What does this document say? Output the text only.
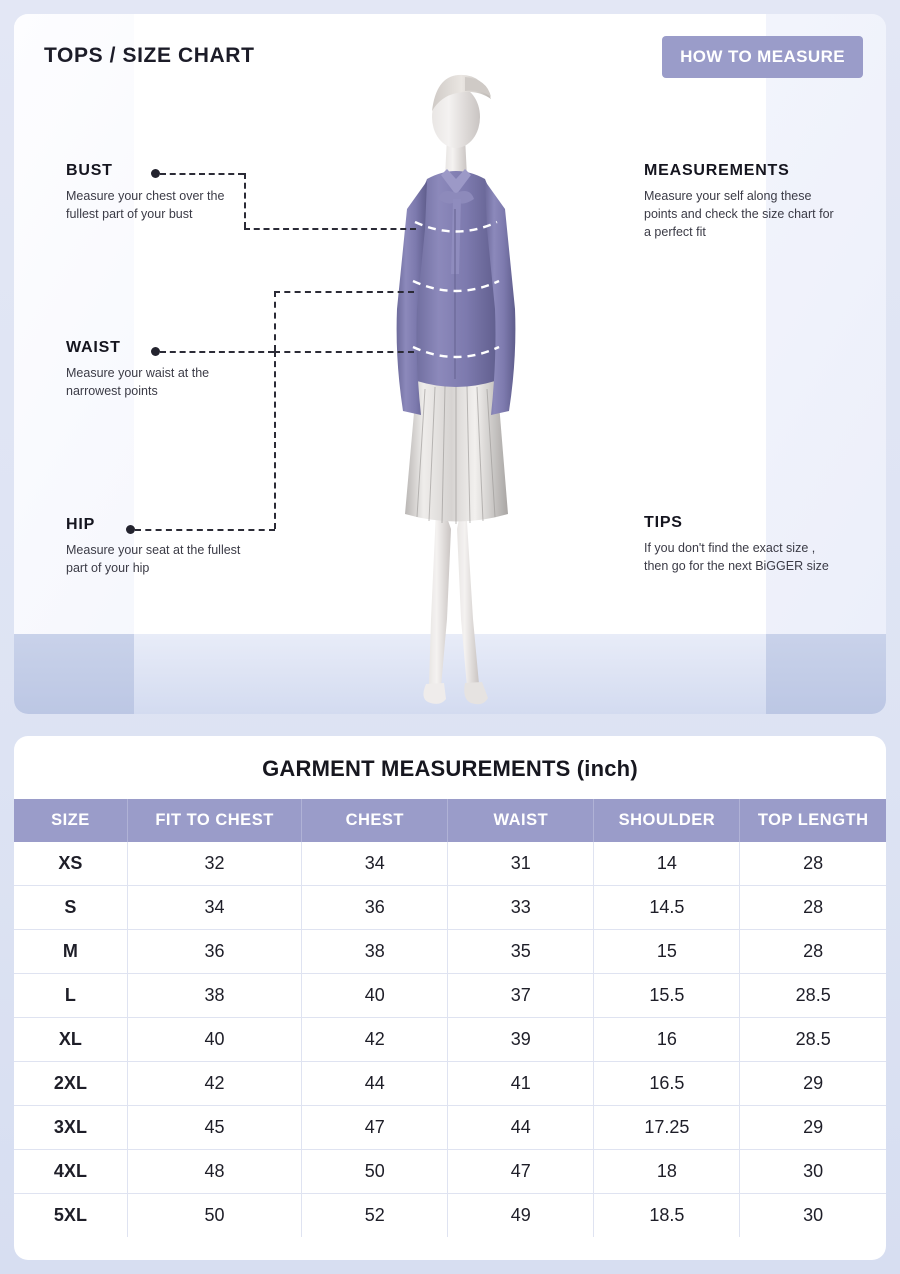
TOPS / SIZE CHART	HOW TO MEASURE
BUST

Measure your chest over the fullest part of your bust

WAIST

Measure your waist at the narrowest points

HIP

Measure your seat at the fullest part of your hip

MEASUREMENTS

Measure your self along these points and check the size chart for a perfect fit

TIPS

If you don't find the exact size , then go for the next BiGGER size

GARMENT MEASUREMENTS (inch)
SIZE	FIT TO CHEST	CHEST	WAIST	SHOULDER	TOP LENGTH
XS	32	34	31	14	28
S	34	36	33	14.5	28
M	36	38	35	15	28
L	38	40	37	15.5	28.5
XL	40	42	39	16	28.5
2XL	42	44	41	16.5	29
3XL	45	47	44	17.25	29
4XL	48	50	47	18	30
5XL	50	52	49	18.5	30
